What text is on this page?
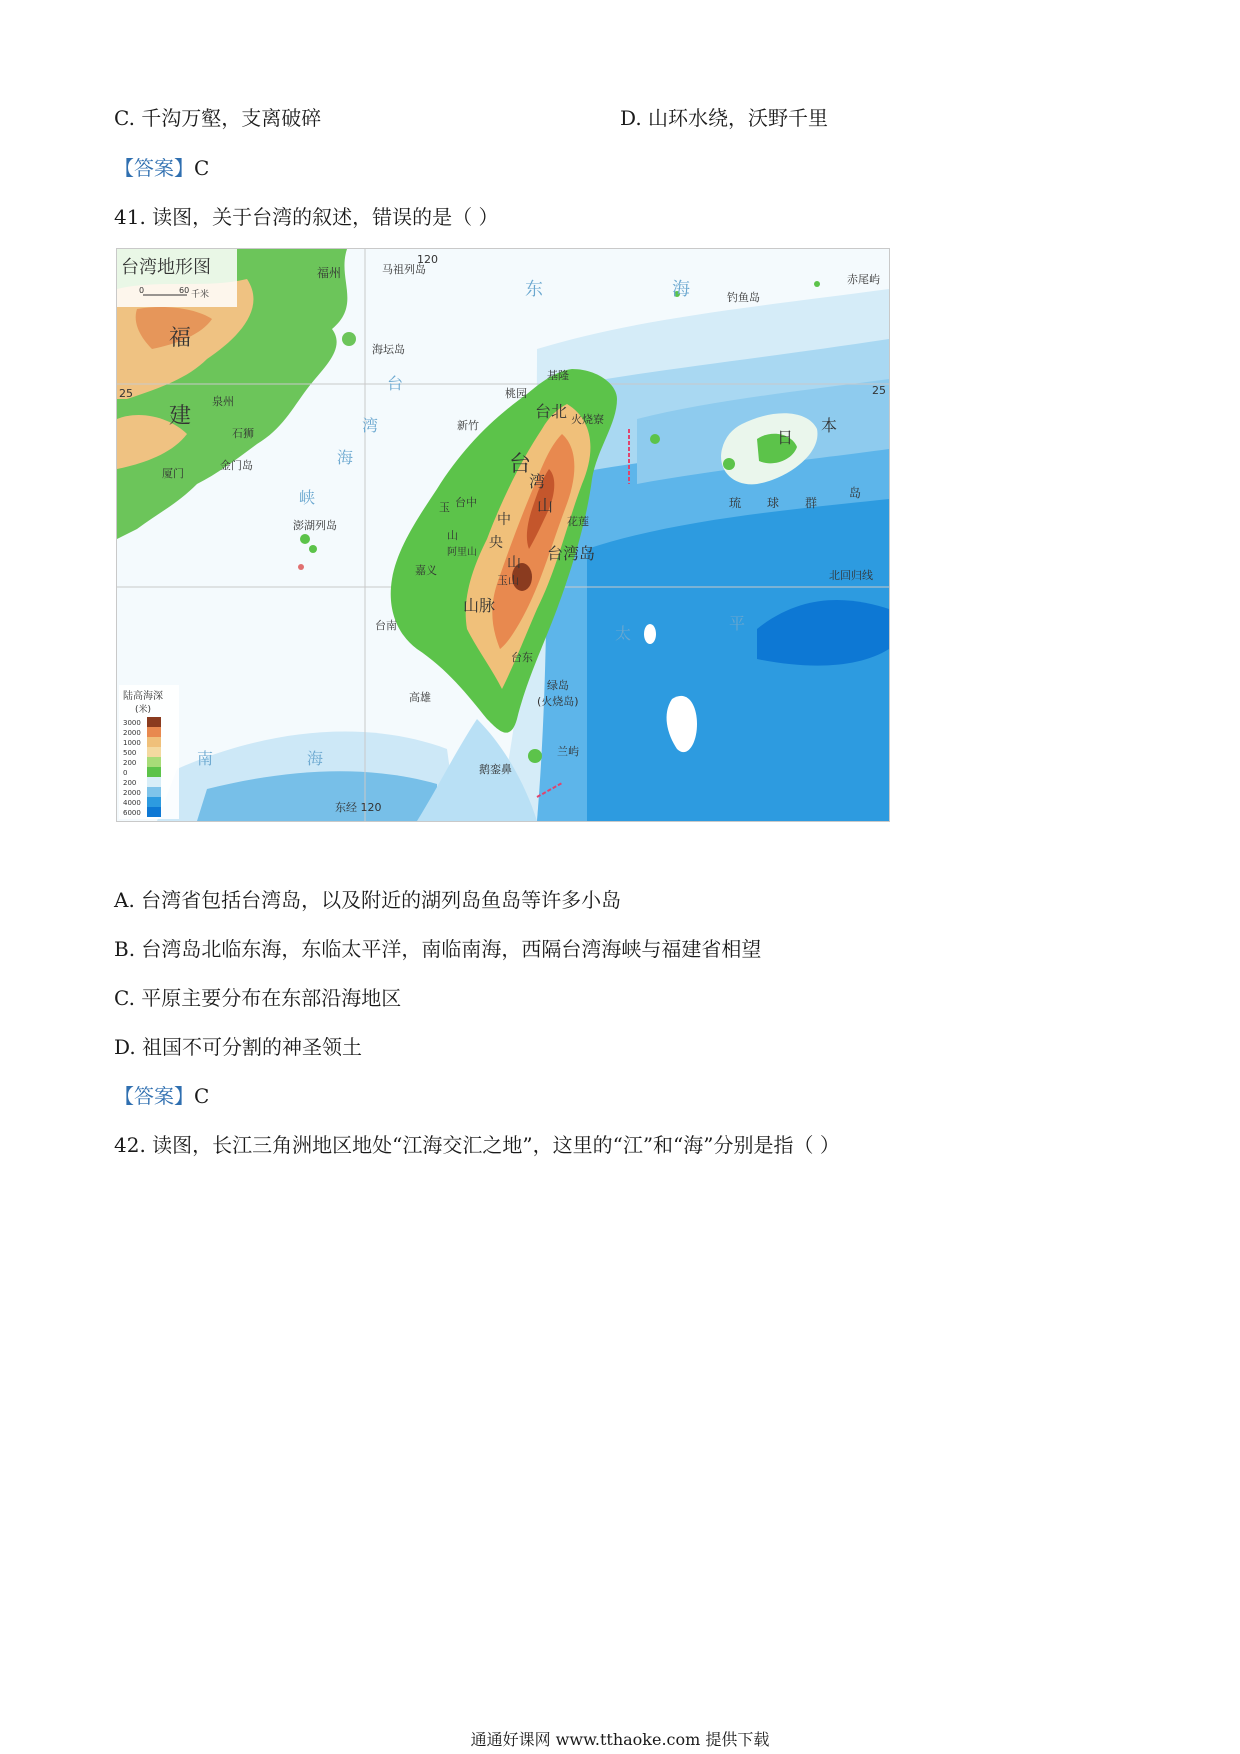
C. 千沟万壑，支离破碎	D. 山环水绕，沃野千里
【答案】C
41. 读图，关于台湾的叙述，错误的是（ ）
台湾地形图
0	60 千米
福州	马祖列岛
120
东	海	钓鱼岛
赤尾屿
福	海坛岛
25	25
泉州
建
石狮
金门岛
厦门
台
湾
海
峡
基隆
桃园
台北 火烧寮
新竹
日
本
琉 球 群
岛
台中
花莲
台湾岛
澎湖列岛
嘉义
玉山	北回归线
台
湾
山
中
央
山
玉
山
阿里山
山脉
台南	太
平
台东
绿岛
(火烧岛)
高雄
兰屿
南	海
鹅銮鼻
东经 120
陆高海深
(米)
3000
2000
1000
500
200
0
200
2000
4000
6000
A. 台湾省包括台湾岛，以及附近的湖列岛鱼岛等许多小岛
B. 台湾岛北临东海，东临太平洋，南临南海，西隔台湾海峡与福建省相望
C. 平原主要分布在东部沿海地区
D. 祖国不可分割的神圣领土
【答案】C
42. 读图，长江三角洲地区地处“江海交汇之地”，这里的“江”和“海”分别是指（ ）
通通好课网 www.tthaoke.com 提供下载
